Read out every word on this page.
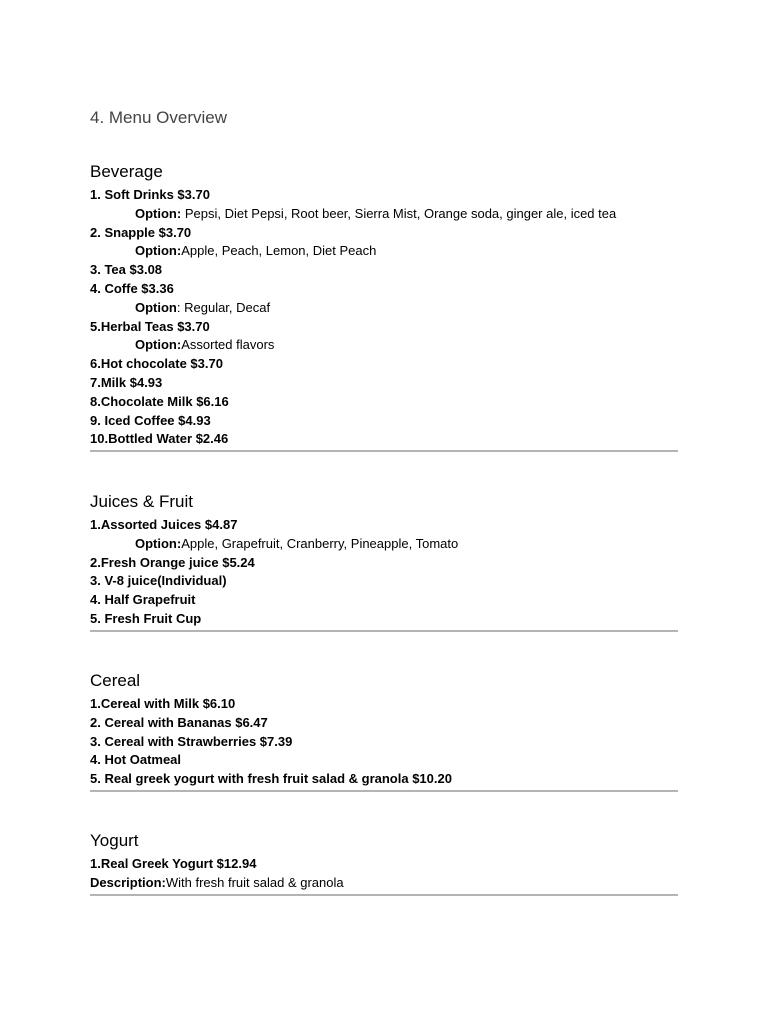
4. Menu Overview
Beverage
1. Soft Drinks $3.70
Option: Pepsi, Diet Pepsi, Root beer, Sierra Mist, Orange soda, ginger ale, iced tea
2. Snapple $3.70
Option:Apple, Peach, Lemon, Diet Peach
3. Tea $3.08
4. Coffe $3.36
Option: Regular, Decaf
5.Herbal Teas $3.70
Option:Assorted flavors
6.Hot chocolate $3.70
7.Milk $4.93
8.Chocolate Milk $6.16
9. Iced Coffee $4.93
10.Bottled Water $2.46
Juices & Fruit
1.Assorted Juices $4.87
Option:Apple, Grapefruit, Cranberry, Pineapple, Tomato
2.Fresh Orange juice $5.24
3. V-8 juice(Individual)
4. Half Grapefruit
5. Fresh Fruit Cup
Cereal
1.Cereal with Milk $6.10
2. Cereal with Bananas $6.47
3. Cereal with Strawberries $7.39
4. Hot Oatmeal
5. Real greek yogurt with fresh fruit salad & granola $10.20
Yogurt
1.Real Greek Yogurt $12.94
Description:With fresh fruit salad & granola
